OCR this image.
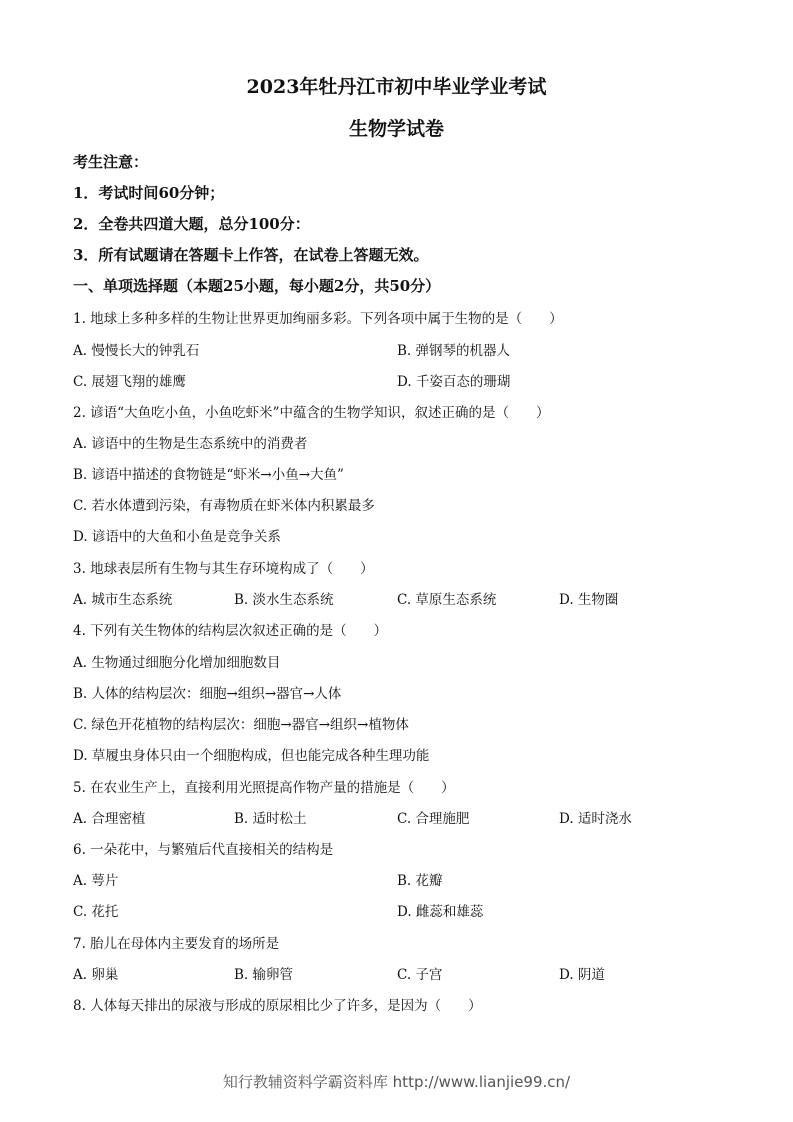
2023年牡丹江市初中毕业学业考试
生物学试卷
考生注意：
1．考试时间60分钟；
2．全卷共四道大题，总分100分：
3．所有试题请在答题卡上作答，在试卷上答题无效。
一、单项选择题（本题25小题，每小题2分，共50分）
1. 地球上多种多样的生物让世界更加绚丽多彩。下列各项中属于生物的是（　　）
A. 慢慢长大的钟乳石	B. 弹钢琴的机器人
C. 展翅飞翔的雄鹰	D. 千姿百态的珊瑚
2. 谚语“大鱼吃小鱼，小鱼吃虾米”中蕴含的生物学知识，叙述正确的是（　　）
A. 谚语中的生物是生态系统中的消费者
B. 谚语中描述的食物链是“虾米→小鱼→大鱼”
C. 若水体遭到污染，有毒物质在虾米体内积累最多
D. 谚语中的大鱼和小鱼是竞争关系
3. 地球表层所有生物与其生存环境构成了（　　）
A. 城市生态系统	B. 淡水生态系统	C. 草原生态系统	D. 生物圈
4. 下列有关生物体的结构层次叙述正确的是（　　）
A. 生物通过细胞分化增加细胞数目
B. 人体的结构层次：细胞→组织→器官→人体
C. 绿色开花植物的结构层次：细胞→器官→组织→植物体
D. 草履虫身体只由一个细胞构成，但也能完成各种生理功能
5. 在农业生产上，直接利用光照提高作物产量的措施是（　　）
A. 合理密植	B. 适时松土	C. 合理施肥	D. 适时浇水
6. 一朵花中，与繁殖后代直接相关的结构是
A. 萼片	B. 花瓣
C. 花托	D. 雌蕊和雄蕊
7. 胎儿在母体内主要发育的场所是
A. 卵巢	B. 输卵管	C. 子宫	D. 阴道
8. 人体每天排出的尿液与形成的原尿相比少了许多，是因为（　　）
知行教辅资料学霸资料库 http://www.lianjie99.cn/
